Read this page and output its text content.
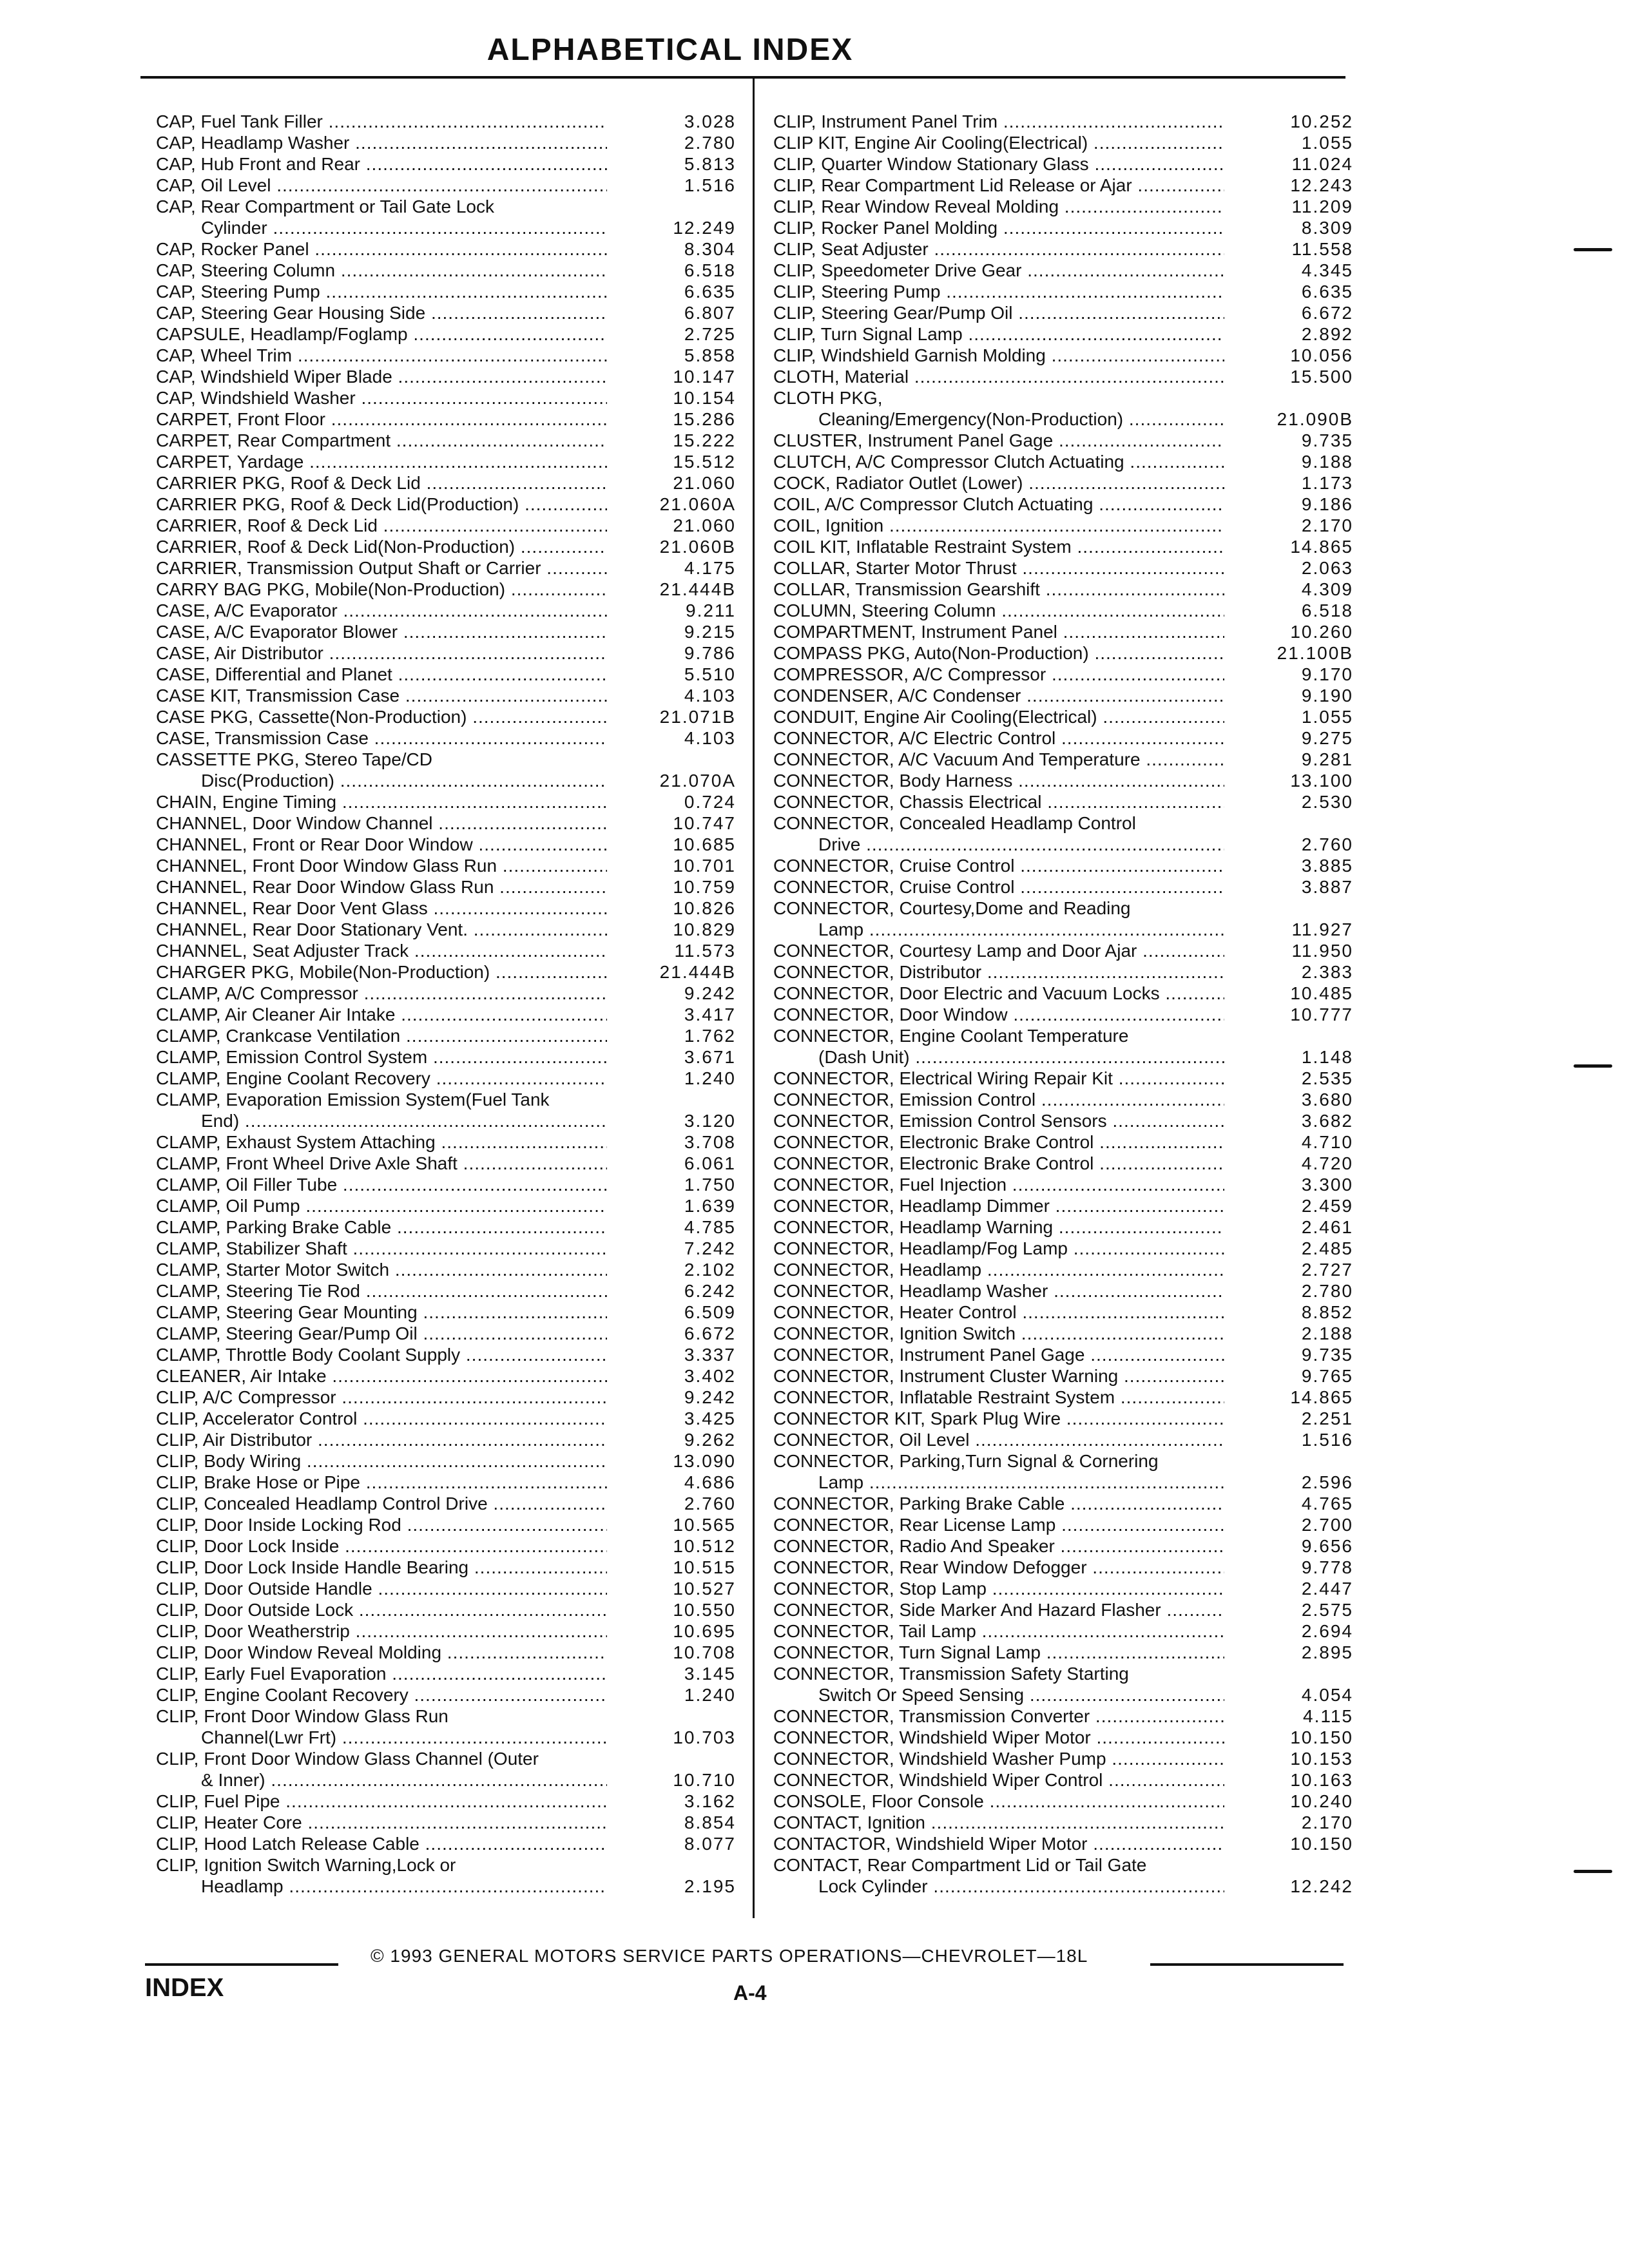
ALPHABETICAL INDEX
CAP, Fuel Tank Filler .....	3.028
CAP, Headlamp Washer .....	2.780
CAP, Hub Front and Rear .....	5.813
CAP, Oil Level .....	1.516
CAP, Rear Compartment or Tail Gate Lock
Cylinder .....	12.249
CAP, Rocker Panel .....	8.304
CAP, Steering Column .....	6.518
CAP, Steering Pump .....	6.635
CAP, Steering Gear Housing Side .....	6.807
CAPSULE, Headlamp/Foglamp .....	2.725
CAP, Wheel Trim .....	5.858
CAP, Windshield Wiper Blade .....	10.147
CAP, Windshield Washer .....	10.154
CARPET, Front Floor .....	15.286
CARPET, Rear Compartment .....	15.222
CARPET, Yardage .....	15.512
CARRIER PKG, Roof & Deck Lid .....	21.060
CARRIER PKG, Roof & Deck Lid(Production) .....	21.060A
CARRIER, Roof & Deck Lid .....	21.060
CARRIER, Roof & Deck Lid(Non-Production) .....	21.060B
CARRIER, Transmission Output Shaft or Carrier .....	4.175
CARRY BAG PKG, Mobile(Non-Production) .....	21.444B
CASE, A/C Evaporator .....	9.211
CASE, A/C Evaporator Blower .....	9.215
CASE, Air Distributor .....	9.786
CASE, Differential and Planet .....	5.510
CASE KIT, Transmission Case .....	4.103
CASE PKG, Cassette(Non-Production) .....	21.071B
CASE, Transmission Case .....	4.103
CASSETTE PKG, Stereo Tape/CD
Disc(Production) .....	21.070A
CHAIN, Engine Timing .....	0.724
CHANNEL, Door Window Channel .....	10.747
CHANNEL, Front or Rear Door Window .....	10.685
CHANNEL, Front Door Window Glass Run .....	10.701
CHANNEL, Rear Door Window Glass Run .....	10.759
CHANNEL, Rear Door Vent Glass .....	10.826
CHANNEL, Rear Door Stationary Vent. .....	10.829
CHANNEL, Seat Adjuster Track .....	11.573
CHARGER PKG, Mobile(Non-Production) .....	21.444B
CLAMP, A/C Compressor .....	9.242
CLAMP, Air Cleaner Air Intake .....	3.417
CLAMP, Crankcase Ventilation .....	1.762
CLAMP, Emission Control System .....	3.671
CLAMP, Engine Coolant Recovery .....	1.240
CLAMP, Evaporation Emission System(Fuel Tank
End) .....	3.120
CLAMP, Exhaust System Attaching .....	3.708
CLAMP, Front Wheel Drive Axle Shaft .....	6.061
CLAMP, Oil Filler Tube .....	1.750
CLAMP, Oil Pump .....	1.639
CLAMP, Parking Brake Cable .....	4.785
CLAMP, Stabilizer Shaft .....	7.242
CLAMP, Starter Motor Switch .....	2.102
CLAMP, Steering Tie Rod .....	6.242
CLAMP, Steering Gear Mounting .....	6.509
CLAMP, Steering Gear/Pump Oil .....	6.672
CLAMP, Throttle Body Coolant Supply .....	3.337
CLEANER, Air Intake .....	3.402
CLIP, A/C Compressor .....	9.242
CLIP, Accelerator Control .....	3.425
CLIP, Air Distributor .....	9.262
CLIP, Body Wiring .....	13.090
CLIP, Brake Hose or Pipe .....	4.686
CLIP, Concealed Headlamp Control Drive .....	2.760
CLIP, Door Inside Locking Rod .....	10.565
CLIP, Door Lock Inside .....	10.512
CLIP, Door Lock Inside Handle Bearing .....	10.515
CLIP, Door Outside Handle .....	10.527
CLIP, Door Outside Lock .....	10.550
CLIP, Door Weatherstrip .....	10.695
CLIP, Door Window Reveal Molding .....	10.708
CLIP, Early Fuel Evaporation .....	3.145
CLIP, Engine Coolant Recovery .....	1.240
CLIP, Front Door Window Glass Run
Channel(Lwr Frt) .....	10.703
CLIP, Front Door Window Glass Channel (Outer
& Inner) .....	10.710
CLIP, Fuel Pipe .....	3.162
CLIP, Heater Core .....	8.854
CLIP, Hood Latch Release Cable .....	8.077
CLIP, Ignition Switch Warning,Lock or
Headlamp .....	2.195
CLIP, Instrument Panel Trim .....	10.252
CLIP KIT, Engine Air Cooling(Electrical) .....	1.055
CLIP, Quarter Window Stationary Glass .....	11.024
CLIP, Rear Compartment Lid Release or Ajar .....	12.243
CLIP, Rear Window Reveal Molding .....	11.209
CLIP, Rocker Panel Molding .....	8.309
CLIP, Seat Adjuster .....	11.558
CLIP, Speedometer Drive Gear .....	4.345
CLIP, Steering Pump .....	6.635
CLIP, Steering Gear/Pump Oil .....	6.672
CLIP, Turn Signal Lamp .....	2.892
CLIP, Windshield Garnish Molding .....	10.056
CLOTH, Material .....	15.500
CLOTH PKG,
Cleaning/Emergency(Non-Production) .....	21.090B
CLUSTER, Instrument Panel Gage .....	9.735
CLUTCH, A/C Compressor Clutch Actuating .....	9.188
COCK, Radiator Outlet (Lower) .....	1.173
COIL, A/C Compressor Clutch Actuating .....	9.186
COIL, Ignition .....	2.170
COIL KIT, Inflatable Restraint System .....	14.865
COLLAR, Starter Motor Thrust .....	2.063
COLLAR, Transmission Gearshift .....	4.309
COLUMN, Steering Column .....	6.518
COMPARTMENT, Instrument Panel .....	10.260
COMPASS PKG, Auto(Non-Production) .....	21.100B
COMPRESSOR, A/C Compressor .....	9.170
CONDENSER, A/C Condenser .....	9.190
CONDUIT, Engine Air Cooling(Electrical) .....	1.055
CONNECTOR, A/C Electric Control .....	9.275
CONNECTOR, A/C Vacuum And Temperature .....	9.281
CONNECTOR, Body Harness .....	13.100
CONNECTOR, Chassis Electrical .....	2.530
CONNECTOR, Concealed Headlamp Control
Drive .....	2.760
CONNECTOR, Cruise Control .....	3.885
CONNECTOR, Cruise Control .....	3.887
CONNECTOR, Courtesy,Dome and Reading
Lamp .....	11.927
CONNECTOR, Courtesy Lamp and Door Ajar .....	11.950
CONNECTOR, Distributor .....	2.383
CONNECTOR, Door Electric and Vacuum Locks .....	10.485
CONNECTOR, Door Window .....	10.777
CONNECTOR, Engine Coolant Temperature
(Dash Unit) .....	1.148
CONNECTOR, Electrical Wiring Repair Kit .....	2.535
CONNECTOR, Emission Control .....	3.680
CONNECTOR, Emission Control Sensors .....	3.682
CONNECTOR, Electronic Brake Control .....	4.710
CONNECTOR, Electronic Brake Control .....	4.720
CONNECTOR, Fuel Injection .....	3.300
CONNECTOR, Headlamp Dimmer .....	2.459
CONNECTOR, Headlamp Warning .....	2.461
CONNECTOR, Headlamp/Fog Lamp .....	2.485
CONNECTOR, Headlamp .....	2.727
CONNECTOR, Headlamp Washer .....	2.780
CONNECTOR, Heater Control .....	8.852
CONNECTOR, Ignition Switch .....	2.188
CONNECTOR, Instrument Panel Gage .....	9.735
CONNECTOR, Instrument Cluster Warning .....	9.765
CONNECTOR, Inflatable Restraint System .....	14.865
CONNECTOR KIT, Spark Plug Wire .....	2.251
CONNECTOR, Oil Level .....	1.516
CONNECTOR, Parking,Turn Signal & Cornering
Lamp .....	2.596
CONNECTOR, Parking Brake Cable .....	4.765
CONNECTOR, Rear License Lamp .....	2.700
CONNECTOR, Radio And Speaker .....	9.656
CONNECTOR, Rear Window Defogger .....	9.778
CONNECTOR, Stop Lamp .....	2.447
CONNECTOR, Side Marker And Hazard Flasher .....	2.575
CONNECTOR, Tail Lamp .....	2.694
CONNECTOR, Turn Signal Lamp .....	2.895
CONNECTOR, Transmission Safety Starting
Switch Or Speed Sensing .....	4.054
CONNECTOR, Transmission Converter .....	4.115
CONNECTOR, Windshield Wiper Motor .....	10.150
CONNECTOR, Windshield Washer Pump .....	10.153
CONNECTOR, Windshield Wiper Control .....	10.163
CONSOLE, Floor Console .....	10.240
CONTACT, Ignition .....	2.170
CONTACTOR, Windshield Wiper Motor .....	10.150
CONTACT, Rear Compartment Lid or Tail Gate
Lock Cylinder .....	12.242
© 1993 GENERAL MOTORS SERVICE PARTS OPERATIONS—CHEVROLET—18L
INDEX	A-4
